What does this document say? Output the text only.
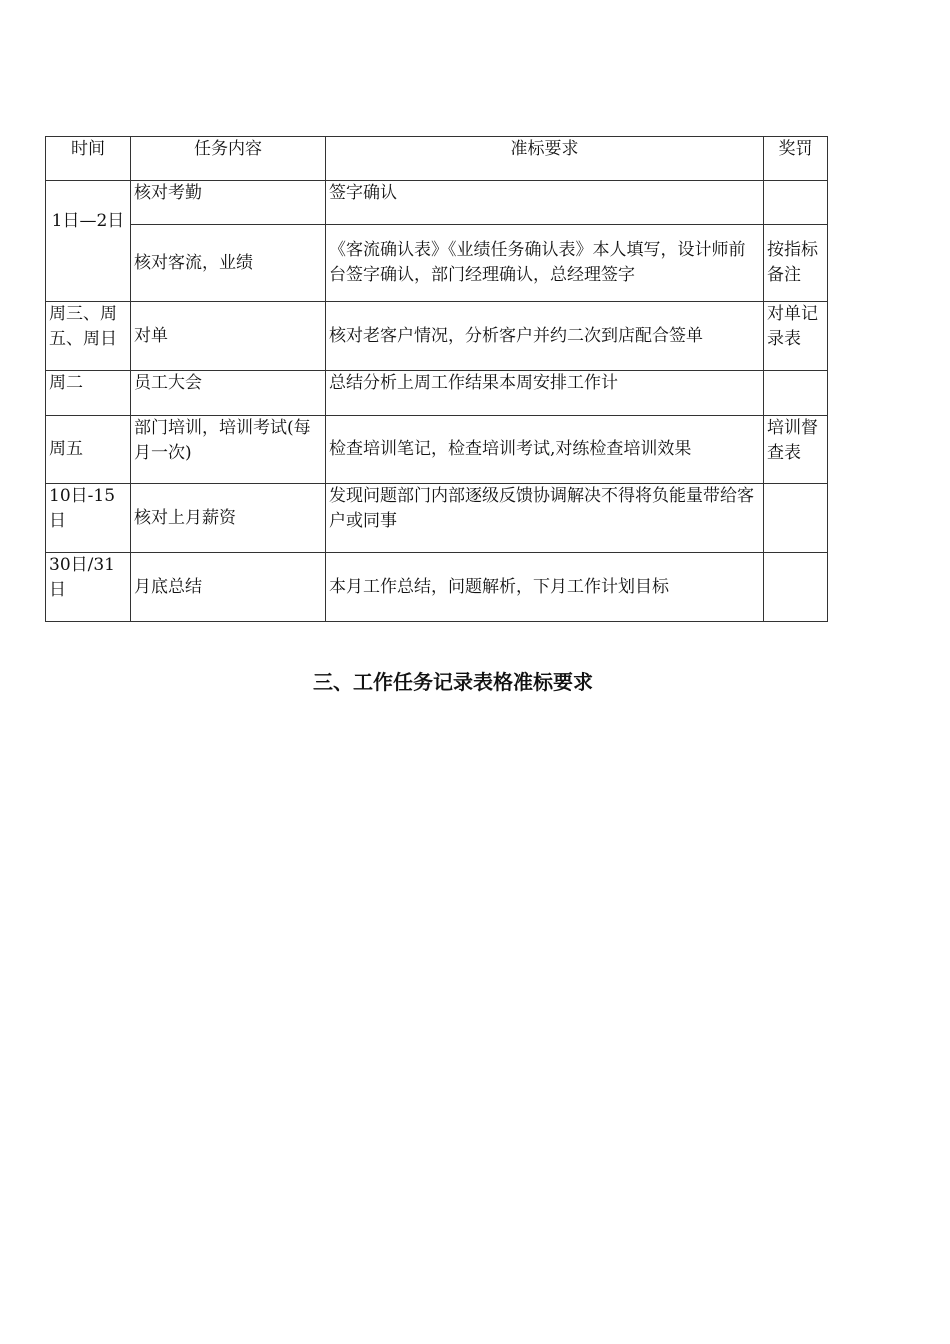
时间	任务内容	准标要求	奖罚
1日—2日	核对考勤	签字确认	
	核对客流，业绩	《客流确认表》《业绩任务确认表》本人填写，设计师前台签字确认，部门经理确认，总经理签字	按指标备注
周三、周五、周日	对单	核对老客户情况，分析客户并约二次到店配合签单	对单记录表
周二	员工大会	总结分析上周工作结果本周安排工作计	
周五	部门培训，培训考试(每月一次)	检查培训笔记，检查培训考试,对练检查培训效果	培训督查表
10日-15日	核对上月薪资	发现问题部门内部逐级反馈协调解决不得将负能量带给客户或同事	
30日/31日	月底总结	本月工作总结，问题解析，下月工作计划目标	
三、工作任务记录表格准标要求
